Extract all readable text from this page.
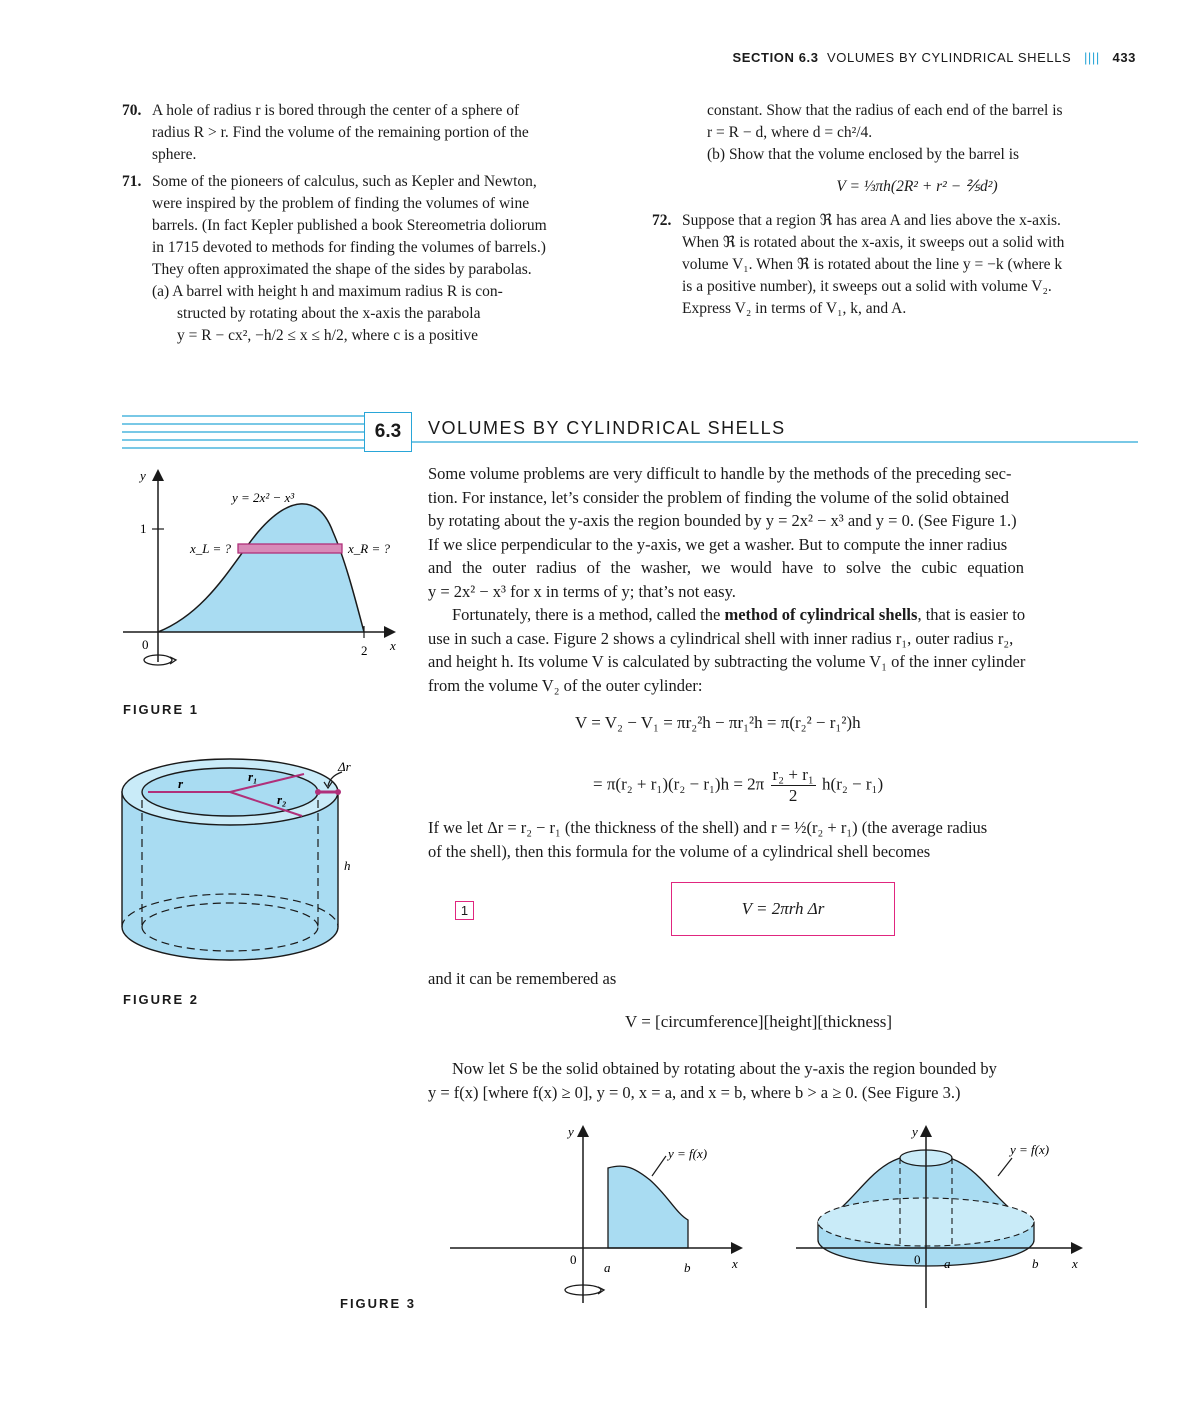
SECTION 6.3 VOLUMES BY CYLINDRICAL SHELLS |||| 433
70. A hole of radius r is bored through the center of a sphere of
radius R > r. Find the volume of the remaining portion of the
sphere.
71. Some of the pioneers of calculus, such as Kepler and Newton,
were inspired by the problem of finding the volumes of wine
barrels. (In fact Kepler published a book Stereometria doliorum
in 1715 devoted to methods for finding the volumes of barrels.)
They often approximated the shape of the sides by parabolas.
(a) A barrel with height h and maximum radius R is con-
structed by rotating about the x-axis the parabola
y = R − cx², −h/2 ≤ x ≤ h/2, where c is a positive
constant. Show that the radius of each end of the barrel is
r = R − d, where d = ch²/4.
(b) Show that the volume enclosed by the barrel is
V = ⅓πh(2R² + r² − ⅖d²)
72. Suppose that a region ℜ has area A and lies above the x-axis.
When ℜ is rotated about the x-axis, it sweeps out a solid with
volume V₁. When ℜ is rotated about the line y = −k (where k
is a positive number), it sweeps out a solid with volume V₂.
Express V₂ in terms of V₁, k, and A.
6.3	VOLUMES BY CYLINDRICAL SHELLS

Some volume problems are very difficult to handle by the methods of the preceding sec-

tion. For instance, let’s consider the problem of finding the volume of the solid obtained

by rotating about the y-axis the region bounded by y = 2x² − x³ and y = 0. (See Figure 1.)

If we slice perpendicular to the y-axis, we get a washer. But to compute the inner radius

and the outer radius of the washer, we would have to solve the cubic equation

y = 2x² − x³ for x in terms of y; that’s not easy.

Fortunately, there is a method, called the method of cylindrical shells, that is easier to

use in such a case. Figure 2 shows a cylindrical shell with inner radius r₁, outer radius r₂,

and height h. Its volume V is calculated by subtracting the volume V₁ of the inner cylinder

from the volume V₂ of the outer cylinder:

V = V₂ − V₁ = πr₂²h − πr₁²h = π(r₂² − r₁²)h
= $\pi(r_2 + r_1)(r_2 - r_1)h = 2\pi \frac{\text{r₂ + r₁}}{2} h(r_2 - r_1)$

If we let Δr = r₂ − r₁ (the thickness of the shell) and r = ½(r₂ + r₁) (the average radius

of the shell), then this formula for the volume of a cylindrical shell becomes

1	V = 2πrh Δr
and it can be remembered as
V = [circumference][height][thickness]

Now let S be the solid obtained by rotating about the y-axis the region bounded by

y = f(x) [where f(x) ≥ 0], y = 0, x = a, and x = b, where b > a ≥ 0. (See Figure 3.)

y
x
1
2
0
y = 2x² − x³
x_L = ?	x_R = ?
FIGURE 1
r	r₁
r₂
Δr
h
FIGURE 2
y
x
0
a	b
y = f(x)
y
x
0 a	b
y = f(x)
FIGURE 3
